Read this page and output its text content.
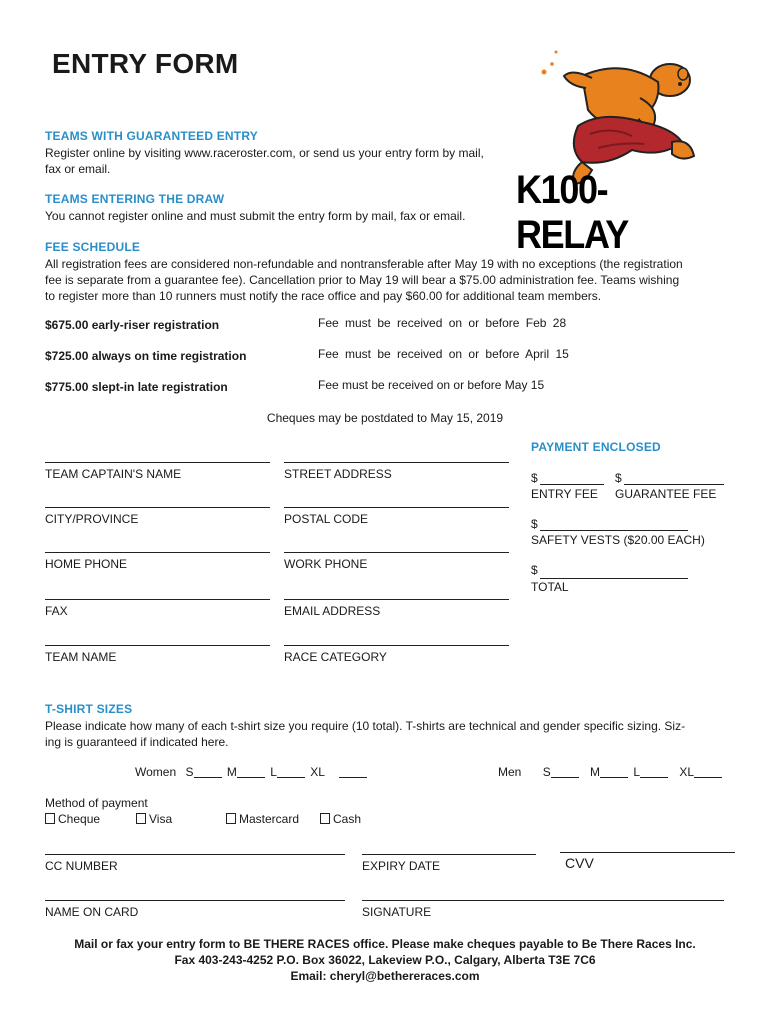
ENTRY FORM
K100-RELAY
TEAMS WITH GUARANTEED ENTRY
Register online by visiting www.raceroster.com, or send us your entry form by mail,
fax or email.
TEAMS ENTERING THE DRAW
You cannot register online and must submit the entry form by mail, fax or email.
FEE SCHEDULE
All registration fees are considered non-refundable and nontransferable after May 19 with no exceptions (the registration
fee is separate from a guarantee fee). Cancellation prior to May 19 will bear a $75.00 administration fee. Teams wishing
to register more than 10 runners must notify the race office and pay $60.00 for additional team members.
$675.00 early-riser registration	Fee must be received on or before Feb 28
$725.00 always on time registration	Fee must be received on or before April 15
$775.00 slept-in late registration	Fee must be received on or before May 15
Cheques may be postdated to May 15, 2019
PAYMENT ENCLOSED
$	$
ENTRY FEE GUARANTEE FEE
$
SAFETY VESTS ($20.00 EACH)
$
TOTAL
TEAM CAPTAIN'S NAME	STREET ADDRESS
CITY/PROVINCE	POSTAL CODE
HOME PHONE	WORK PHONE
FAX	EMAIL ADDRESS
TEAM NAME	RACE CATEGORY
T-SHIRT SIZES
Please indicate how many of each t-shirt size you require (10 total). T-shirts are technical and gender specific sizing. Siz-
ing is guaranteed if indicated here.
Women S	M	L	XL	Men S	M	L	XL
Method of payment
Cheque	Visa	Mastercard	Cash
CC NUMBER	EXPIRY DATE	CVV
NAME ON CARD	SIGNATURE
Mail or fax your entry form to BE THERE RACES office. Please make cheques payable to Be There Races Inc.
Fax 403-243-4252 P.O. Box 36022, Lakeview P.O., Calgary, Alberta T3E 7C6
Email: cheryl@bethereraces.com
